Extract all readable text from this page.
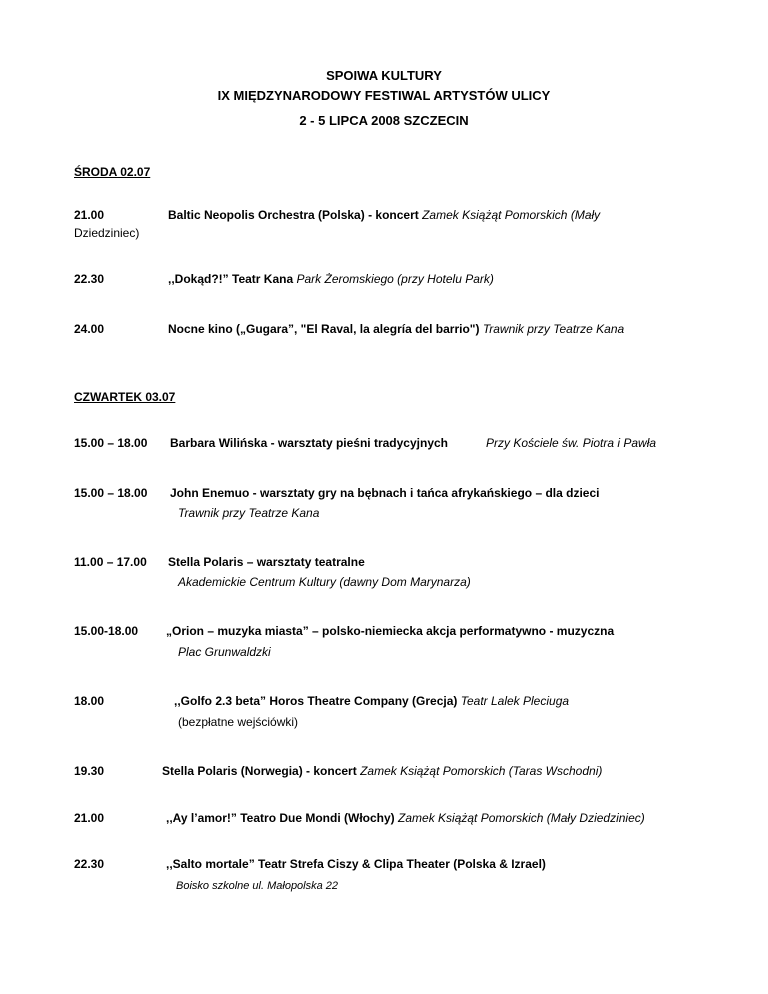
SPOIWA KULTURY
IX MIĘDZYNARODOWY FESTIWAL ARTYSTÓW ULICY
2 - 5 LIPCA 2008 SZCZECIN
ŚRODA 02.07
21.00	Baltic Neopolis Orchestra (Polska) - koncert Zamek Książąt Pomorskich (Mały
Dziedziniec)
22.30	,,Dokąd?!” Teatr Kana Park Żeromskiego (przy Hotelu Park)
24.00	Nocne kino („Gugara”, "El Raval, la alegría del barrio") Trawnik przy Teatrze Kana
CZWARTEK 03.07
15.00 – 18.00 Barbara Wilińska - warsztaty pieśni tradycyjnych	Przy Kościele św. Piotra i Pawła
15.00 – 18.00 John Enemuo - warsztaty gry na bębnach i tańca afrykańskiego – dla dzieci
Trawnik przy Teatrze Kana
11.00 – 17.00 Stella Polaris – warsztaty teatralne
Akademickie Centrum Kultury (dawny Dom Marynarza)
15.00-18.00 „Orion – muzyka miasta” – polsko-niemiecka akcja performatywno - muzyczna
Plac Grunwaldzki
18.00	,,Golfo 2.3 beta” Horos Theatre Company (Grecja) Teatr Lalek Pleciuga
(bezpłatne wejściówki)
19.30	Stella Polaris (Norwegia) - koncert Zamek Książąt Pomorskich (Taras Wschodni)
21.00	,,Ay l’amor!” Teatro Due Mondi (Włochy) Zamek Książąt Pomorskich (Mały Dziedziniec)
22.30	,,Salto mortale” Teatr Strefa Ciszy & Clipa Theater (Polska & Izrael)
Boisko szkolne ul. Małopolska 22
